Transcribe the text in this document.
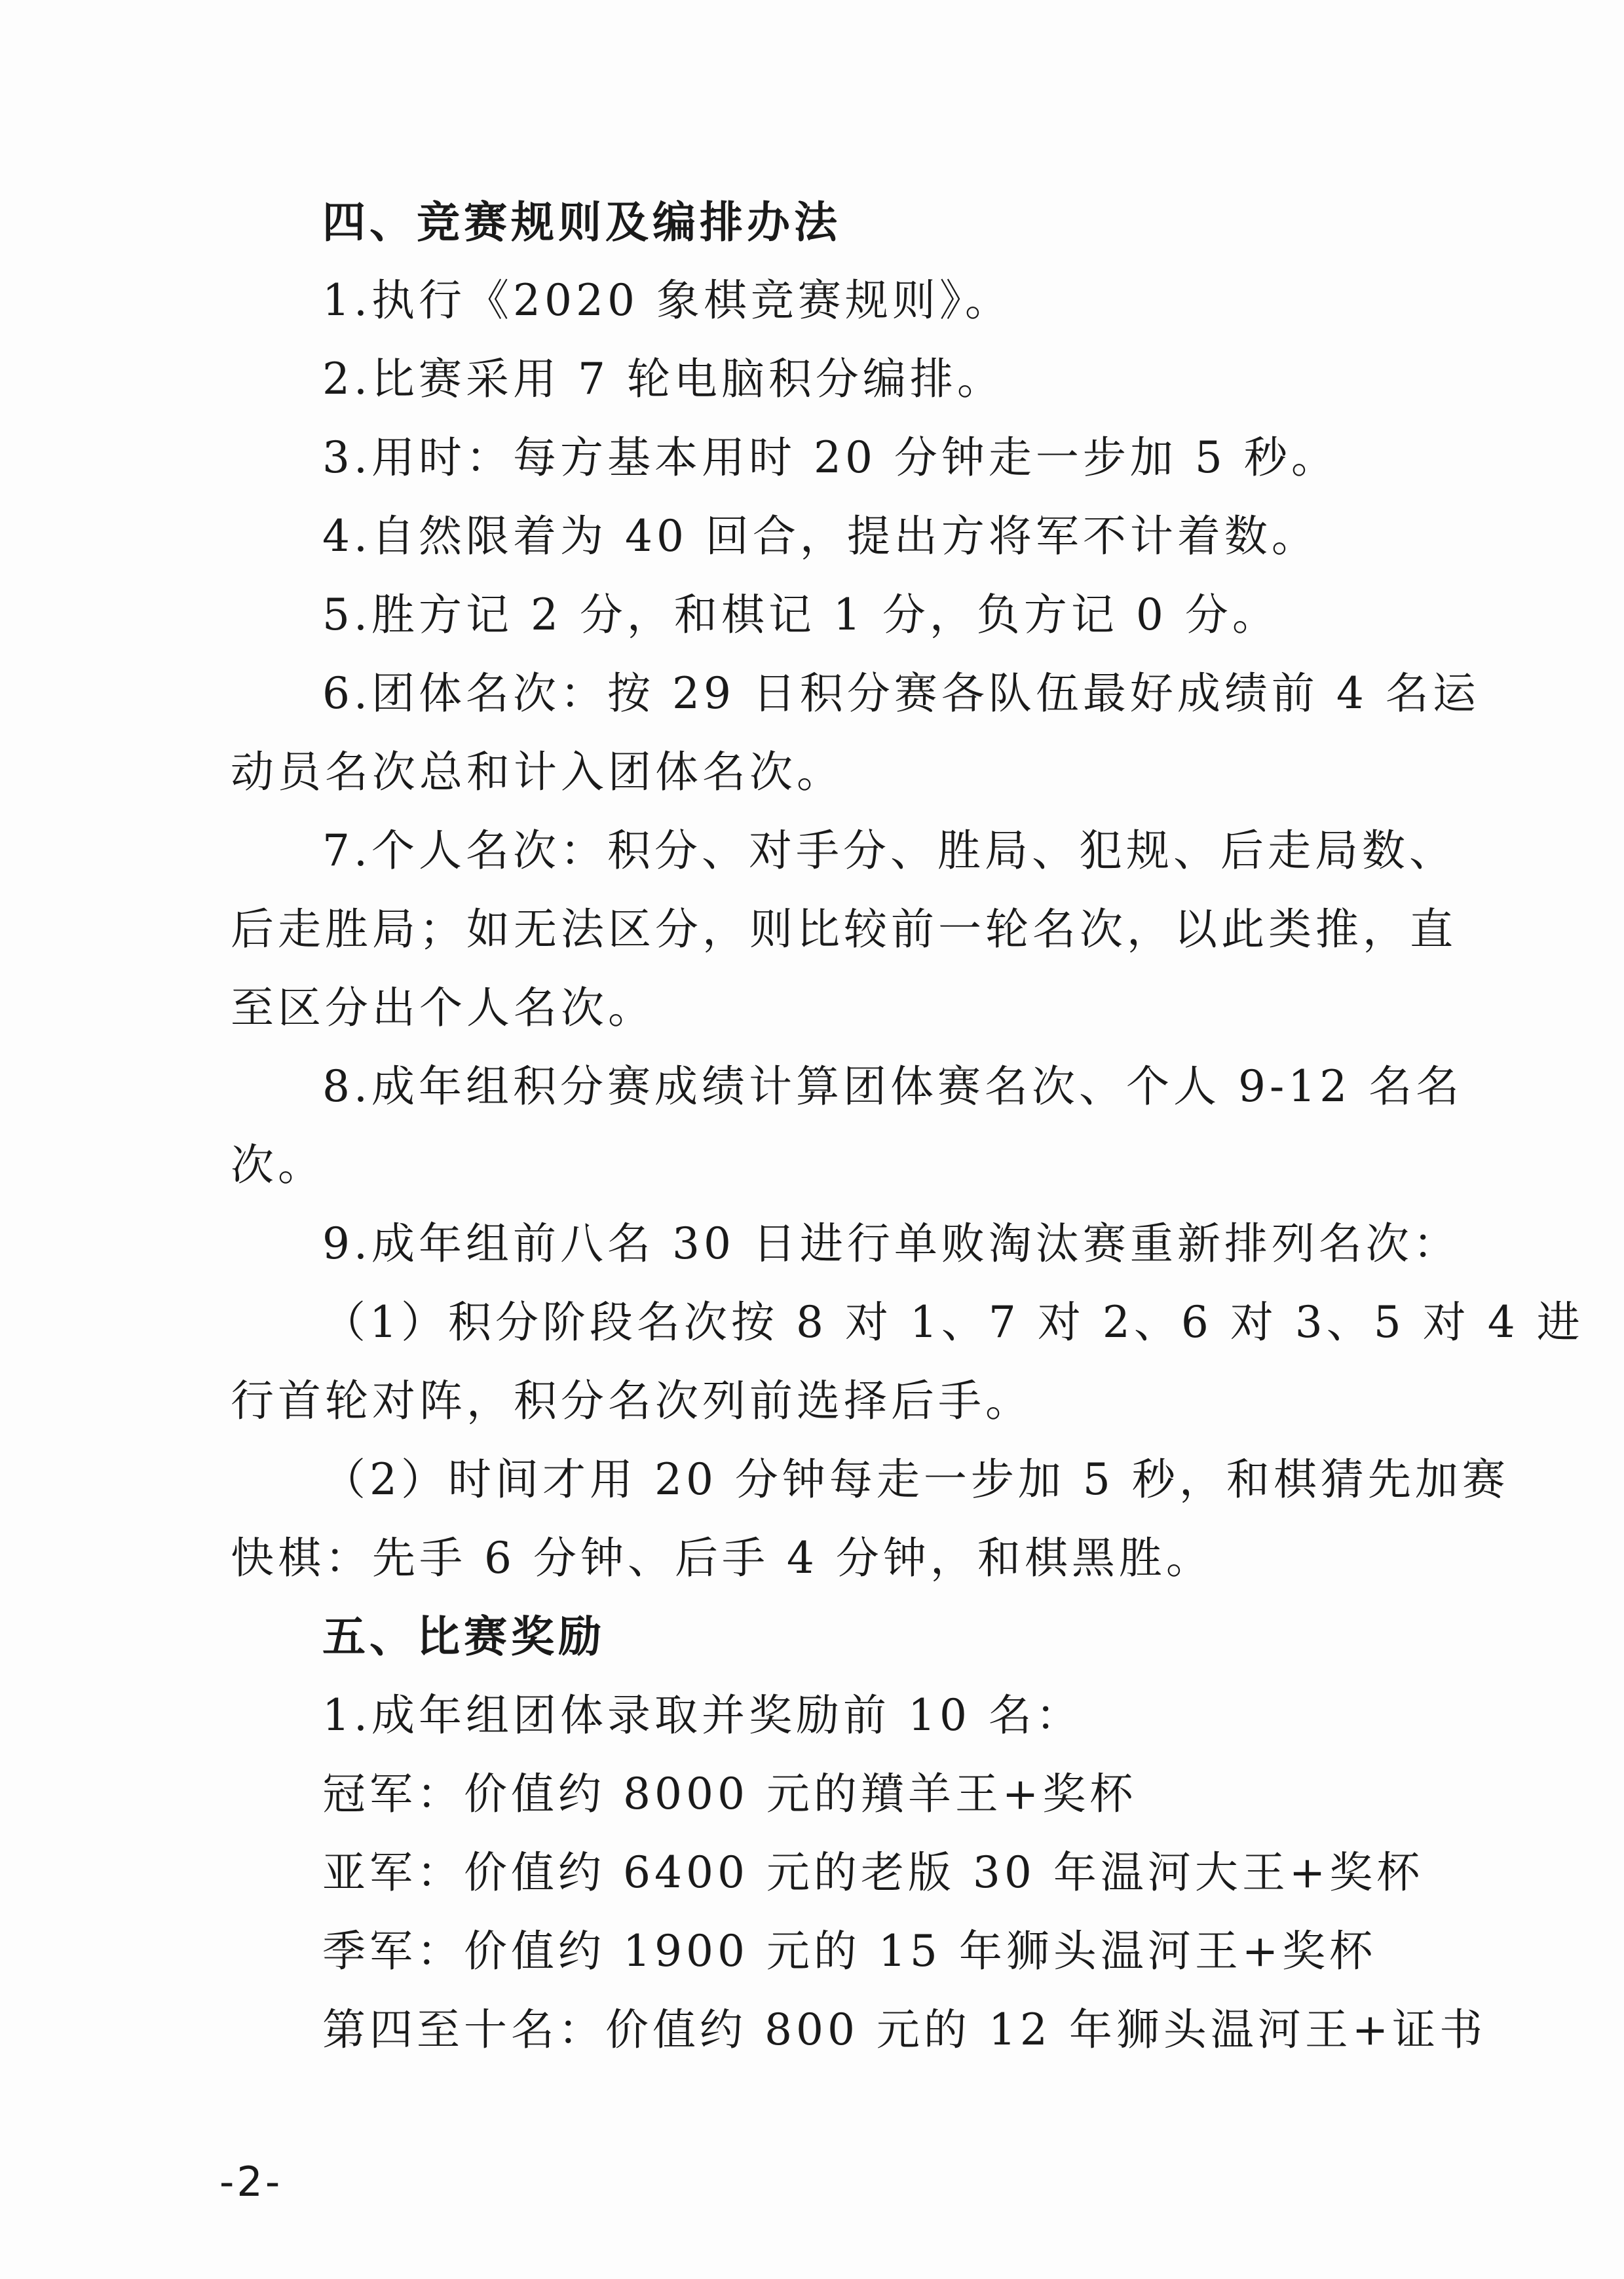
四、竞赛规则及编排办法
1.执行《2020 象棋竞赛规则》。
2.比赛采用 7 轮电脑积分编排。
3.用时：每方基本用时 20 分钟走一步加 5 秒。
4.自然限着为 40 回合，提出方将军不计着数。
5.胜方记 2 分，和棋记 1 分，负方记 0 分。
6.团体名次：按 29 日积分赛各队伍最好成绩前 4 名运
动员名次总和计入团体名次。
7.个人名次：积分、对手分、胜局、犯规、后走局数、
后走胜局；如无法区分，则比较前一轮名次，以此类推，直
至区分出个人名次。
8.成年组积分赛成绩计算团体赛名次、个人 9-12 名名
次。
9.成年组前八名 30 日进行单败淘汰赛重新排列名次：
（1）积分阶段名次按 8 对 1、7 对 2、6 对 3、5 对 4 进
行首轮对阵，积分名次列前选择后手。
（2）时间才用 20 分钟每走一步加 5 秒，和棋猜先加赛
快棋：先手 6 分钟、后手 4 分钟，和棋黑胜。
五、比赛奖励
1.成年组团体录取并奖励前 10 名：
冠军：价值约 8000 元的羵羊王+奖杯
亚军：价值约 6400 元的老版 30 年温河大王+奖杯
季军：价值约 1900 元的 15 年狮头温河王+奖杯
第四至十名：价值约 800 元的 12 年狮头温河王+证书
-2-
